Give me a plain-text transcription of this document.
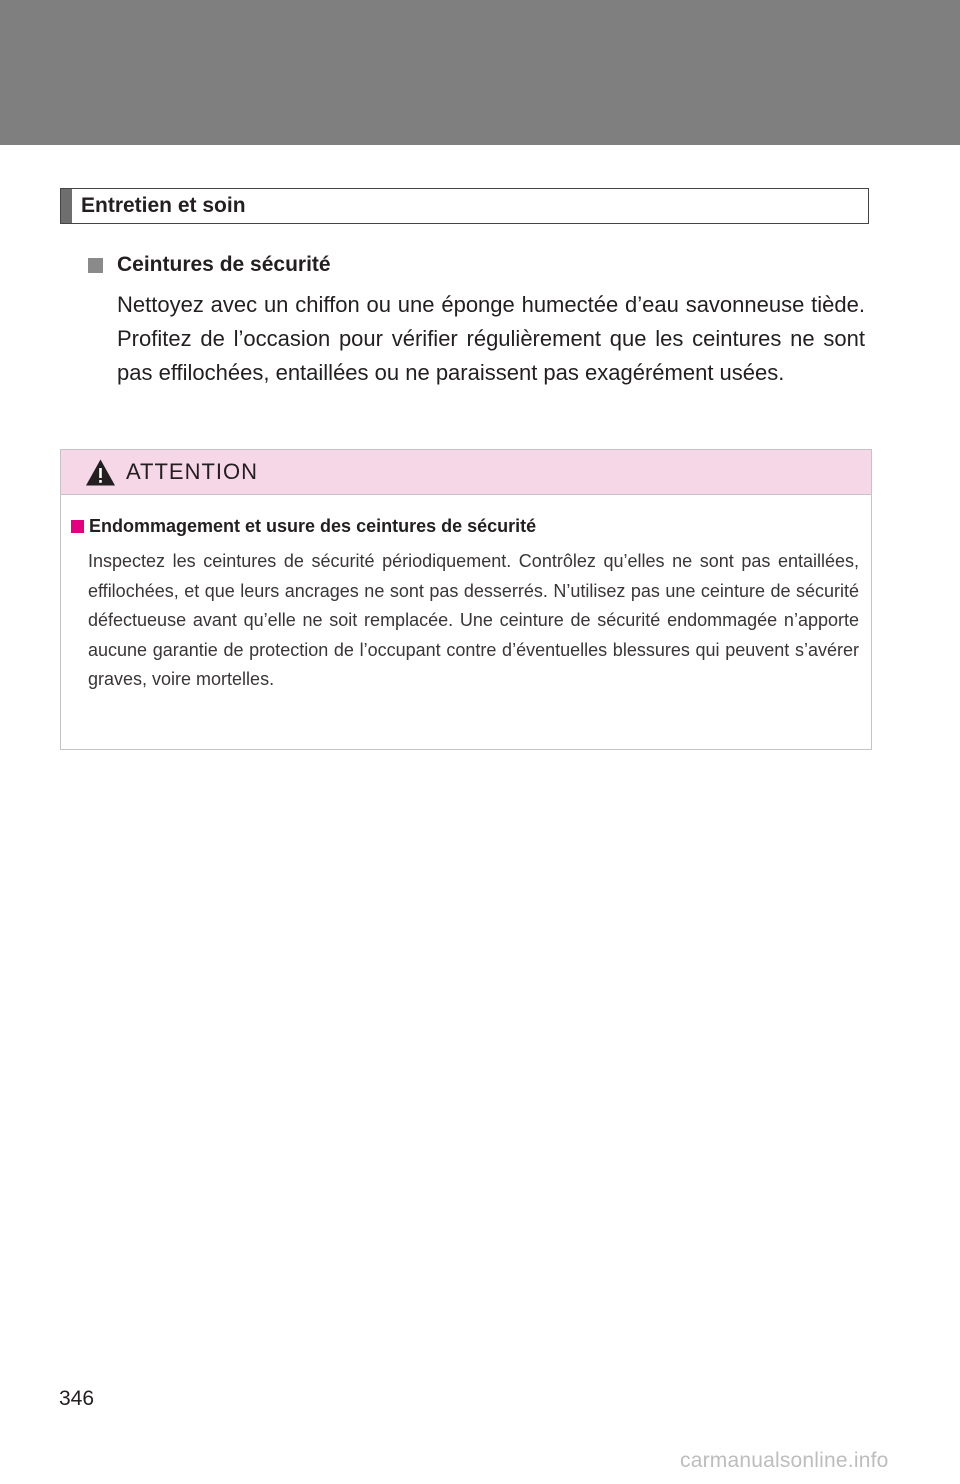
Entretien et soin
Ceintures de sécurité

Nettoyez avec un chiffon ou une éponge humectée d’eau savonneuse tiède. Profitez de l’occasion pour vérifier régulièrement que les ceintures ne sont pas effilochées, entaillées ou ne paraissent pas exagérément usées.

ATTENTION
Endommagement et usure des ceintures de sécurité

Inspectez les ceintures de sécurité périodiquement. Contrôlez qu’elles ne sont pas entaillées, effilochées, et que leurs ancrages ne sont pas desserrés. N’utilisez pas une ceinture de sécurité défectueuse avant qu’elle ne soit remplacée. Une ceinture de sécurité endommagée n’apporte aucune garantie de protection de l’occupant contre d’éventuelles blessures qui peuvent s’avérer graves, voire mortelles.

346
carmanualsonline.info
